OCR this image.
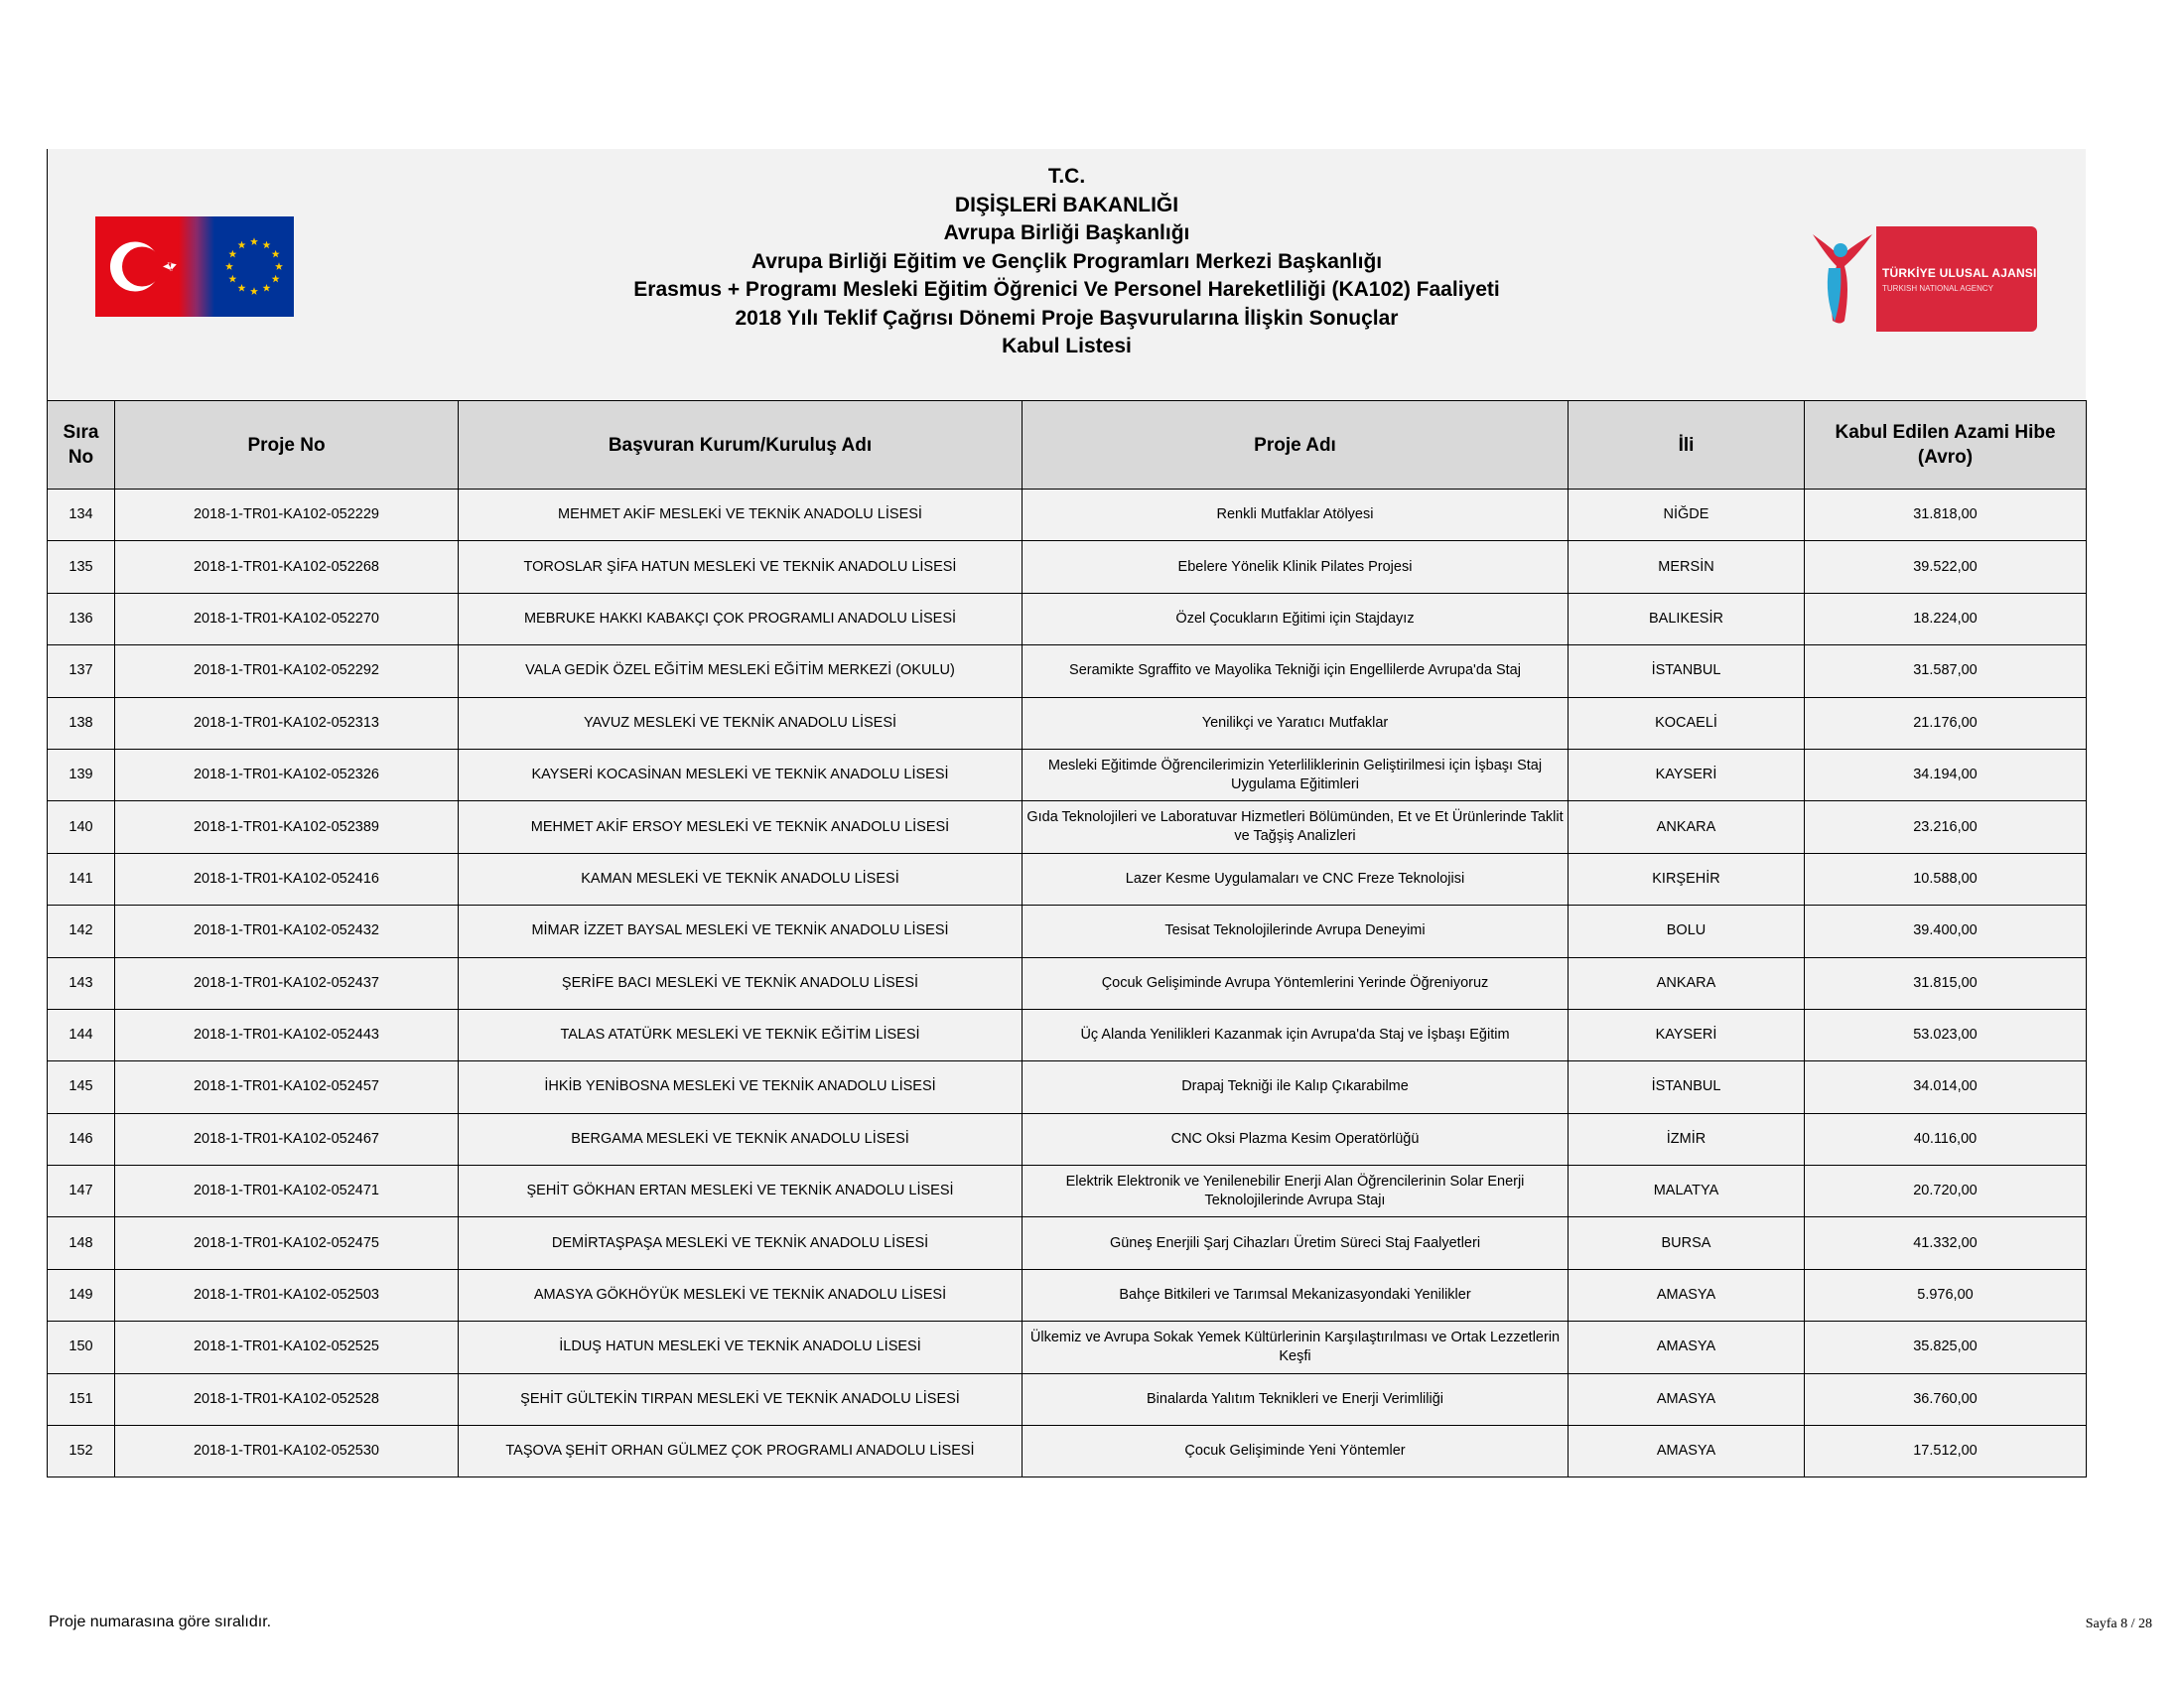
T.C.
DIŞİŞLERİ BAKANLIĞI
Avrupa Birliği Başkanlığı
Avrupa Birliği Eğitim ve Gençlik Programları Merkezi Başkanlığı
Erasmus + Programı Mesleki Eğitim Öğrenici Ve Personel Hareketliliği (KA102) Faaliyeti
2018 Yılı Teklif Çağrısı Dönemi Proje Başvurularına İlişkin Sonuçlar
Kabul Listesi
TÜRKİYE ULUSAL AJANSI
TURKISH NATIONAL AGENCY
Sıra No	Proje No	Başvuran Kurum/Kuruluş Adı	Proje Adı	İli	Kabul Edilen Azami Hibe (Avro)
134	2018-1-TR01-KA102-052229	MEHMET AKİF MESLEKİ VE TEKNİK ANADOLU LİSESİ	Renkli Mutfaklar Atölyesi	NİĞDE	31.818,00
135	2018-1-TR01-KA102-052268	TOROSLAR ŞİFA HATUN MESLEKİ VE TEKNİK ANADOLU LİSESİ	Ebelere Yönelik Klinik Pilates Projesi	MERSİN	39.522,00
136	2018-1-TR01-KA102-052270	MEBRUKE HAKKI KABAKÇI ÇOK PROGRAMLI ANADOLU LİSESİ	Özel Çocukların Eğitimi için Stajdayız	BALIKESİR	18.224,00
137	2018-1-TR01-KA102-052292	VALA GEDİK ÖZEL EĞİTİM MESLEKİ EĞİTİM MERKEZİ (OKULU)	Seramikte Sgraffito ve Mayolika Tekniği için Engellilerde Avrupa'da Staj	İSTANBUL	31.587,00
138	2018-1-TR01-KA102-052313	YAVUZ MESLEKİ VE TEKNİK ANADOLU LİSESİ	Yenilikçi ve Yaratıcı Mutfaklar	KOCAELİ	21.176,00
139	2018-1-TR01-KA102-052326	KAYSERİ KOCASİNAN MESLEKİ VE TEKNİK ANADOLU LİSESİ	Mesleki Eğitimde Öğrencilerimizin Yeterliliklerinin Geliştirilmesi için İşbaşı Staj Uygulama Eğitimleri	KAYSERİ	34.194,00
140	2018-1-TR01-KA102-052389	MEHMET AKİF ERSOY MESLEKİ VE TEKNİK ANADOLU LİSESİ	Gıda Teknolojileri ve Laboratuvar Hizmetleri Bölümünden, Et ve Et Ürünlerinde Taklit ve Tağşiş Analizleri	ANKARA	23.216,00
141	2018-1-TR01-KA102-052416	KAMAN MESLEKİ VE TEKNİK ANADOLU LİSESİ	Lazer Kesme Uygulamaları ve CNC Freze Teknolojisi	KIRŞEHİR	10.588,00
142	2018-1-TR01-KA102-052432	MİMAR İZZET BAYSAL MESLEKİ VE TEKNİK ANADOLU LİSESİ	Tesisat Teknolojilerinde Avrupa Deneyimi	BOLU	39.400,00
143	2018-1-TR01-KA102-052437	ŞERİFE BACI MESLEKİ VE TEKNİK ANADOLU LİSESİ	Çocuk Gelişiminde Avrupa Yöntemlerini Yerinde Öğreniyoruz	ANKARA	31.815,00
144	2018-1-TR01-KA102-052443	TALAS ATATÜRK MESLEKİ VE TEKNİK EĞİTİM LİSESİ	Üç Alanda Yenilikleri Kazanmak için Avrupa'da Staj ve İşbaşı Eğitim	KAYSERİ	53.023,00
145	2018-1-TR01-KA102-052457	İHKİB YENİBOSNA MESLEKİ VE TEKNİK ANADOLU LİSESİ	Drapaj Tekniği ile Kalıp Çıkarabilme	İSTANBUL	34.014,00
146	2018-1-TR01-KA102-052467	BERGAMA MESLEKİ VE TEKNİK ANADOLU LİSESİ	CNC Oksi Plazma Kesim Operatörlüğü	İZMİR	40.116,00
147	2018-1-TR01-KA102-052471	ŞEHİT GÖKHAN ERTAN MESLEKİ VE TEKNİK ANADOLU LİSESİ	Elektrik Elektronik ve Yenilenebilir Enerji Alan Öğrencilerinin Solar Enerji Teknolojilerinde Avrupa Stajı	MALATYA	20.720,00
148	2018-1-TR01-KA102-052475	DEMİRTAŞPAŞA MESLEKİ VE TEKNİK ANADOLU LİSESİ	Güneş Enerjili Şarj Cihazları Üretim Süreci Staj Faalyetleri	BURSA	41.332,00
149	2018-1-TR01-KA102-052503	AMASYA GÖKHÖYÜK MESLEKİ VE TEKNİK ANADOLU LİSESİ	Bahçe Bitkileri ve Tarımsal Mekanizasyondaki Yenilikler	AMASYA	5.976,00
150	2018-1-TR01-KA102-052525	İLDUŞ HATUN MESLEKİ VE TEKNİK ANADOLU LİSESİ	Ülkemiz ve Avrupa Sokak Yemek Kültürlerinin Karşılaştırılması ve Ortak Lezzetlerin Keşfi	AMASYA	35.825,00
151	2018-1-TR01-KA102-052528	ŞEHİT GÜLTEKİN TIRPAN MESLEKİ VE TEKNİK ANADOLU LİSESİ	Binalarda Yalıtım Teknikleri ve Enerji Verimliliği	AMASYA	36.760,00
152	2018-1-TR01-KA102-052530	TAŞOVA ŞEHİT ORHAN GÜLMEZ ÇOK PROGRAMLI ANADOLU LİSESİ	Çocuk Gelişiminde Yeni Yöntemler	AMASYA	17.512,00
Proje numarasına göre sıralıdır.	Sayfa 8 / 28
